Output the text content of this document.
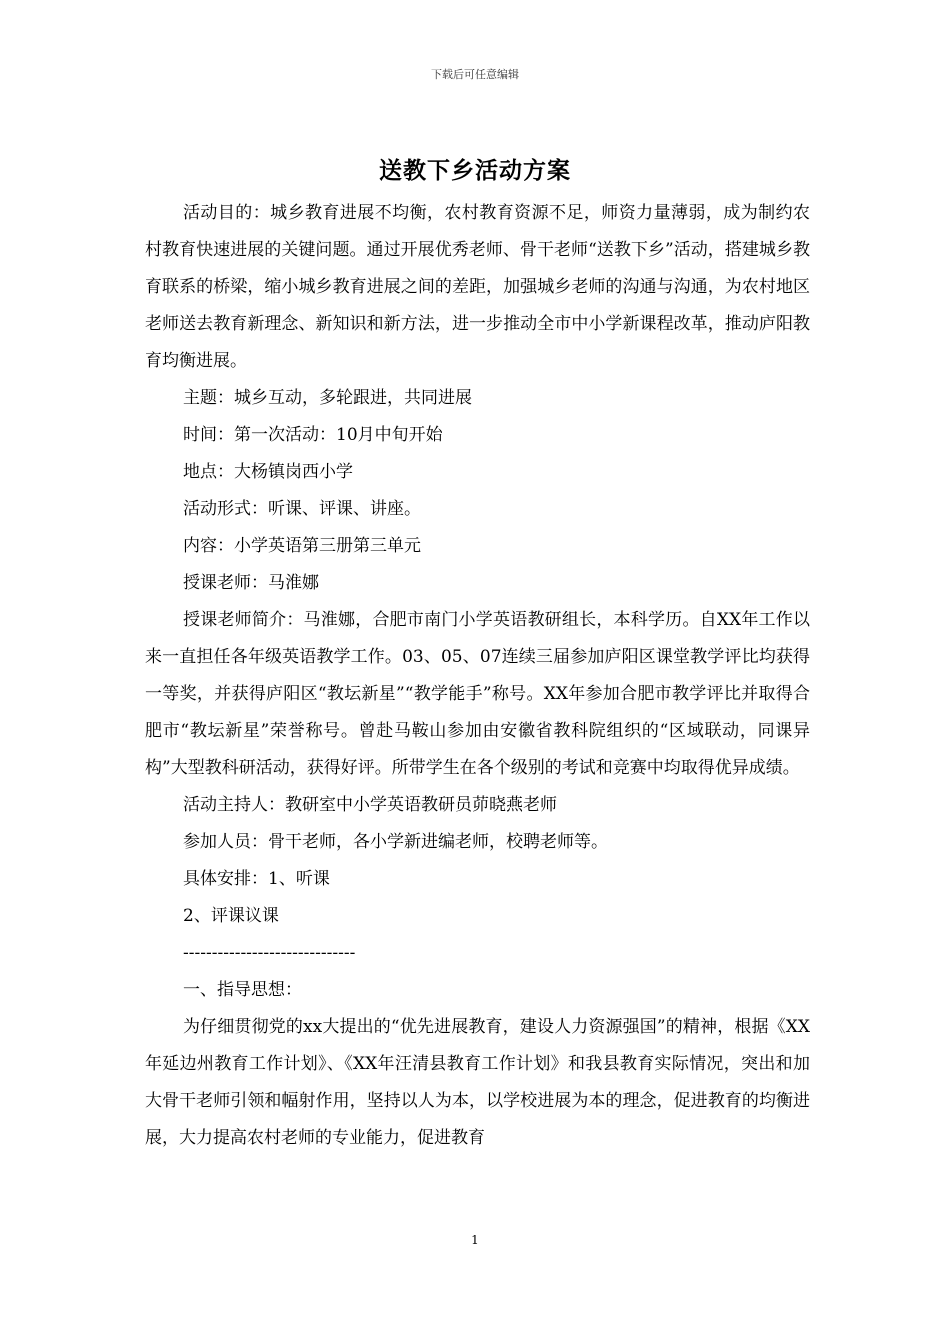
下载后可任意编辑
送教下乡活动方案

活动目的：城乡教育进展不均衡，农村教育资源不足，师资力量薄弱，成为制约农村教育快速进展的关键问题。通过开展优秀老师、骨干老师“送教下乡”活动，搭建城乡教育联系的桥梁，缩小城乡教育进展之间的差距，加强城乡老师的沟通与沟通，为农村地区老师送去教育新理念、新知识和新方法，进一步推动全市中小学新课程改革，推动庐阳教育均衡进展。

主题：城乡互动，多轮跟进，共同进展

时间：第一次活动：10月中旬开始

地点：大杨镇岗西小学

活动形式：听课、评课、讲座。

内容：小学英语第三册第三单元

授课老师：马淮娜

授课老师简介：马淮娜，合肥市南门小学英语教研组长，本科学历。自XX年工作以来一直担任各年级英语教学工作。03、05、07连续三届参加庐阳区课堂教学评比均获得一等奖，并获得庐阳区“教坛新星”“教学能手”称号。XX年参加合肥市教学评比并取得合肥市“教坛新星”荣誉称号。曾赴马鞍山参加由安徽省教科院组织的“区域联动，同课异构”大型教科研活动，获得好评。所带学生在各个级别的考试和竞赛中均取得优异成绩。

活动主持人：教研室中小学英语教研员茆晓燕老师

参加人员：骨干老师，各小学新进编老师，校聘老师等。

具体安排：1、听课

2、评课议课

------------------------------

一、指导思想：

为仔细贯彻党的xx大提出的“优先进展教育，建设人力资源强国”的精神，根据《XX年延边州教育工作计划》、《XX年汪清县教育工作计划》和我县教育实际情况，突出和加大骨干老师引领和幅射作用，坚持以人为本，以学校进展为本的理念，促进教育的均衡进展，大力提高农村老师的专业能力，促进教育

1
